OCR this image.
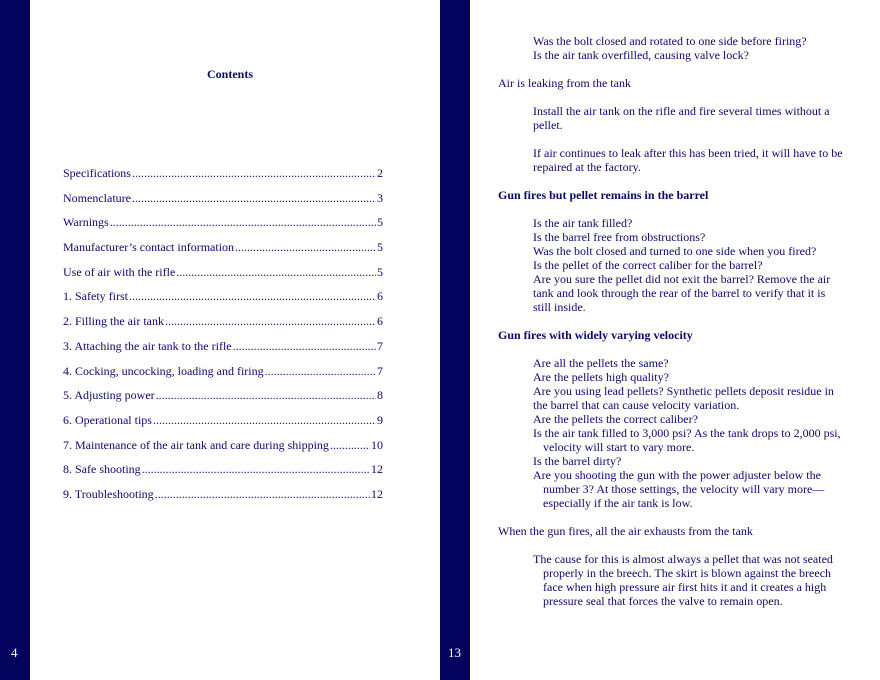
4	13
Contents
Specifications .....	2
Nomenclature .....	3
Warnings .....	5
Manufacturer’s contact information .....	5
Use of air with the rifle .....	5
1. Safety first .....	6
2. Filling the air tank .....	6
3. Attaching the air tank to the rifle .....	7
4. Cocking, uncocking, loading and firing .....	7
5. Adjusting power .....	8
6. Operational tips .....	9
7. Maintenance of the air tank and care during shipping .....	10
8. Safe shooting .....	12
9. Troubleshooting .....	12

Was the bolt closed and rotated to one side before firing?

Is the air tank overfilled, causing valve lock?

Air is leaking from the tank

Install the air tank on the rifle and fire several times without a pellet.

If air continues to leak after this has been tried, it will have to be repaired at the factory.

Gun fires but pellet remains in the barrel

Is the air tank filled?

Is the barrel free from obstructions?

Was the bolt closed and turned to one side when you fired?

Is the pellet of the correct caliber for the barrel?

Are you sure the pellet did not exit the barrel? Remove the air tank and look through the rear of the barrel to verify that it is still inside.

Gun fires with widely varying velocity

Are all the pellets the same?

Are the pellets high quality?

Are you using lead pellets? Synthetic pellets deposit residue in the barrel that can cause velocity variation.

Are the pellets the correct caliber?

Is the air tank filled to 3,000 psi? As the tank drops to 2,000 psi, velocity will start to vary more.

Is the barrel dirty?

Are you shooting the gun with the power adjuster below the number 3? At those settings, the velocity will vary more—especially if the air tank is low.

When the gun fires, all the air exhausts from the tank

The cause for this is almost always a pellet that was not seated properly in the breech. The skirt is blown against the breech face when high pressure air first hits it and it creates a high pressure seal that forces the valve to remain open.
